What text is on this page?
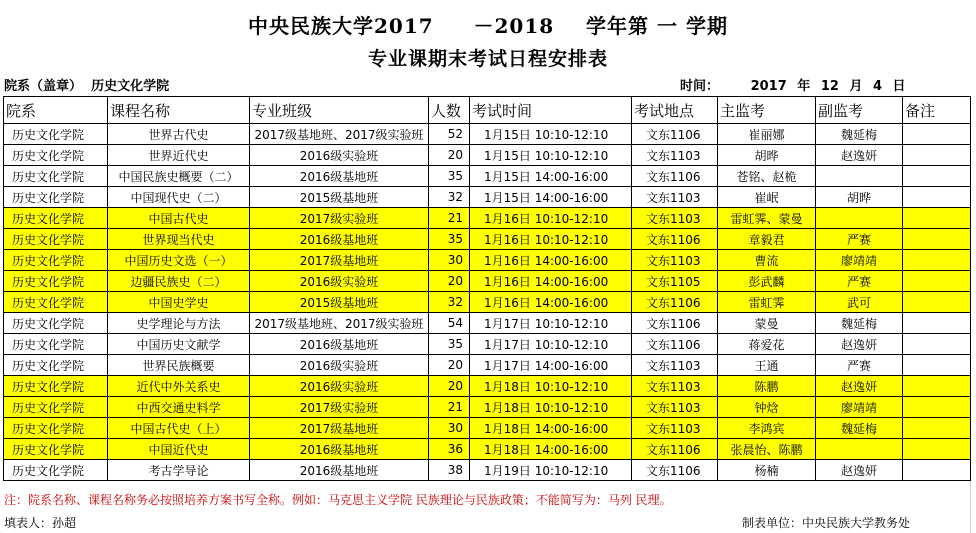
中央民族大学2017 －2018 学年第 一 学期
专业课期末考试日程安排表
院系（盖章） 历史文化学院	时间： 2017 年 12 月 4 日
院系	课程名称	专业班级	人数	考试时间	考试地点	主监考	副监考	备注
历史文化学院	世界古代史	2017级基地班、2017级实验班	52	1月15日 10:10-12:10	文东1106	崔丽娜	魏延梅	
历史文化学院	世界近代史	2016级实验班	20	1月15日 10:10-12:10	文东1103	胡晔	赵逸妍	
历史文化学院	中国民族史概要（二）	2016级基地班	35	1月15日 14:00-16:00	文东1106	苍铭、赵桅		
历史文化学院	中国现代史（二）	2015级基地班	32	1月15日 14:00-16:00	文东1103	崔岷	胡晔	
历史文化学院	中国古代史	2017级实验班	21	1月16日 10:10-12:10	文东1103	雷虹霁、蒙曼		
历史文化学院	世界现当代史	2016级基地班	35	1月16日 10:10-12:10	文东1106	章毅君	严赛	
历史文化学院	中国历史文选（一）	2017级基地班	30	1月16日 14:00-16:00	文东1103	曹流	廖靖靖	
历史文化学院	边疆民族史（二）	2016级实验班	20	1月16日 14:00-16:00	文东1105	彭武麟	严赛	
历史文化学院	中国史学史	2015级基地班	32	1月16日 14:00-16:00	文东1106	雷虹霁	武可	
历史文化学院	史学理论与方法	2017级基地班、2017级实验班	54	1月17日 10:10-12:10	文东1106	蒙曼	魏延梅	
历史文化学院	中国历史文献学	2016级基地班	35	1月17日 10:10-12:10	文东1106	蒋爱花	赵逸妍	
历史文化学院	世界民族概要	2016级实验班	20	1月17日 14:00-16:00	文东1103	王通	严赛	
历史文化学院	近代中外关系史	2016级实验班	20	1月18日 10:10-12:10	文东1103	陈鹏	赵逸妍	
历史文化学院	中西交通史料学	2017级实验班	21	1月18日 10:10-12:10	文东1103	钟焓	廖靖靖	
历史文化学院	中国古代史（上）	2017级基地班	30	1月18日 14:00-16:00	文东1103	李鸿宾	魏延梅	
历史文化学院	中国近代史	2016级基地班	36	1月18日 14:00-16:00	文东1106	张晨怡、陈鹏		
历史文化学院	考古学导论	2016级基地班	38	1月19日 10:10-12:10	文东1106	杨楠	赵逸妍	
注：院系名称、课程名称务必按照培养方案书写全称。例如：马克思主义学院 民族理论与民族政策；不能简写为：马列 民理。
填表人：孙超	制表单位：中央民族大学教务处
